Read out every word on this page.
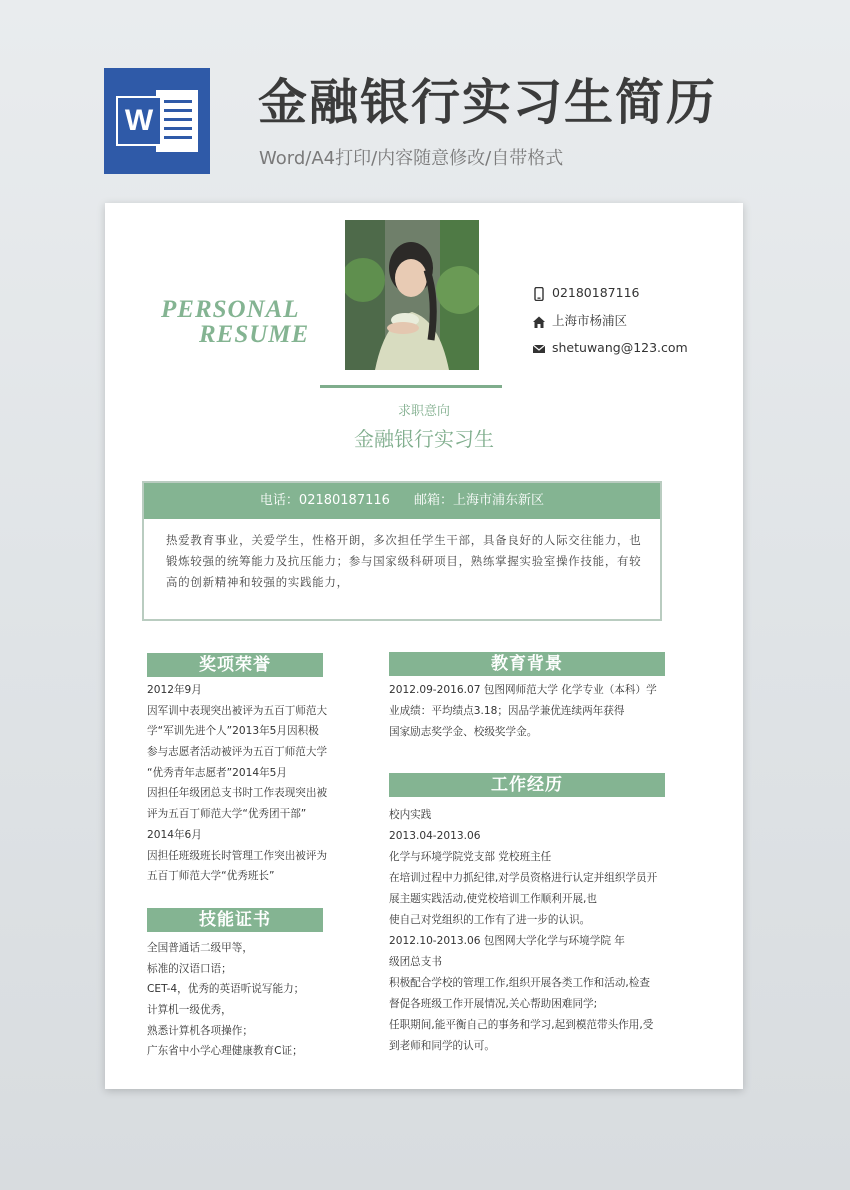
W 金融银行实习生简历
Word/A4打印/内容随意修改/自带格式
PERSONAL
RESUME
02180187116
上海市杨浦区
shetuwang@123.com
求职意向
金融银行实习生
电话：02180187116 邮箱：上海市浦东新区
热爱教育事业，关爱学生，性格开朗，多次担任学生干部，具备良好的人际交往能力，也
锻炼较强的统筹能力及抗压能力；参与国家级科研项目，熟练掌握实验室操作技能，有较
高的创新精神和较强的实践能力，
奖项荣誉
2012年9月
因军训中表现突出被评为五百丁师范大
学“军训先进个人”2013年5月因积极
参与志愿者活动被评为五百丁师范大学
“优秀青年志愿者”2014年5月
因担任年级团总支书时工作表现突出被
评为五百丁师范大学“优秀团干部”
2014年6月
因担任班级班长时管理工作突出被评为
五百丁师范大学“优秀班长”
技能证书
全国普通话二级甲等，
标准的汉语口语；
CET-4，优秀的英语听说写能力；
计算机一级优秀，
熟悉计算机各项操作；
广东省中小学心理健康教育C证；
教育背景
2012.09-2016.07 包图网师范大学 化学专业（本科）学
业成绩：平均绩点3.18；因品学兼优连续两年获得
国家励志奖学金、校级奖学金。
工作经历
校内实践
2013.04-2013.06
化学与环境学院党支部 党校班主任
在培训过程中力抓纪律,对学员资格进行认定并组织学员开
展主题实践活动,使党校培训工作顺利开展,也
使自己对党组织的工作有了进一步的认识。
2012.10-2013.06 包图网大学化学与环境学院 年
级团总支书
积极配合学校的管理工作,组织开展各类工作和活动,检查
督促各班级工作开展情况,关心帮助困难同学;
任职期间,能平衡自己的事务和学习,起到模范带头作用,受
到老师和同学的认可。
